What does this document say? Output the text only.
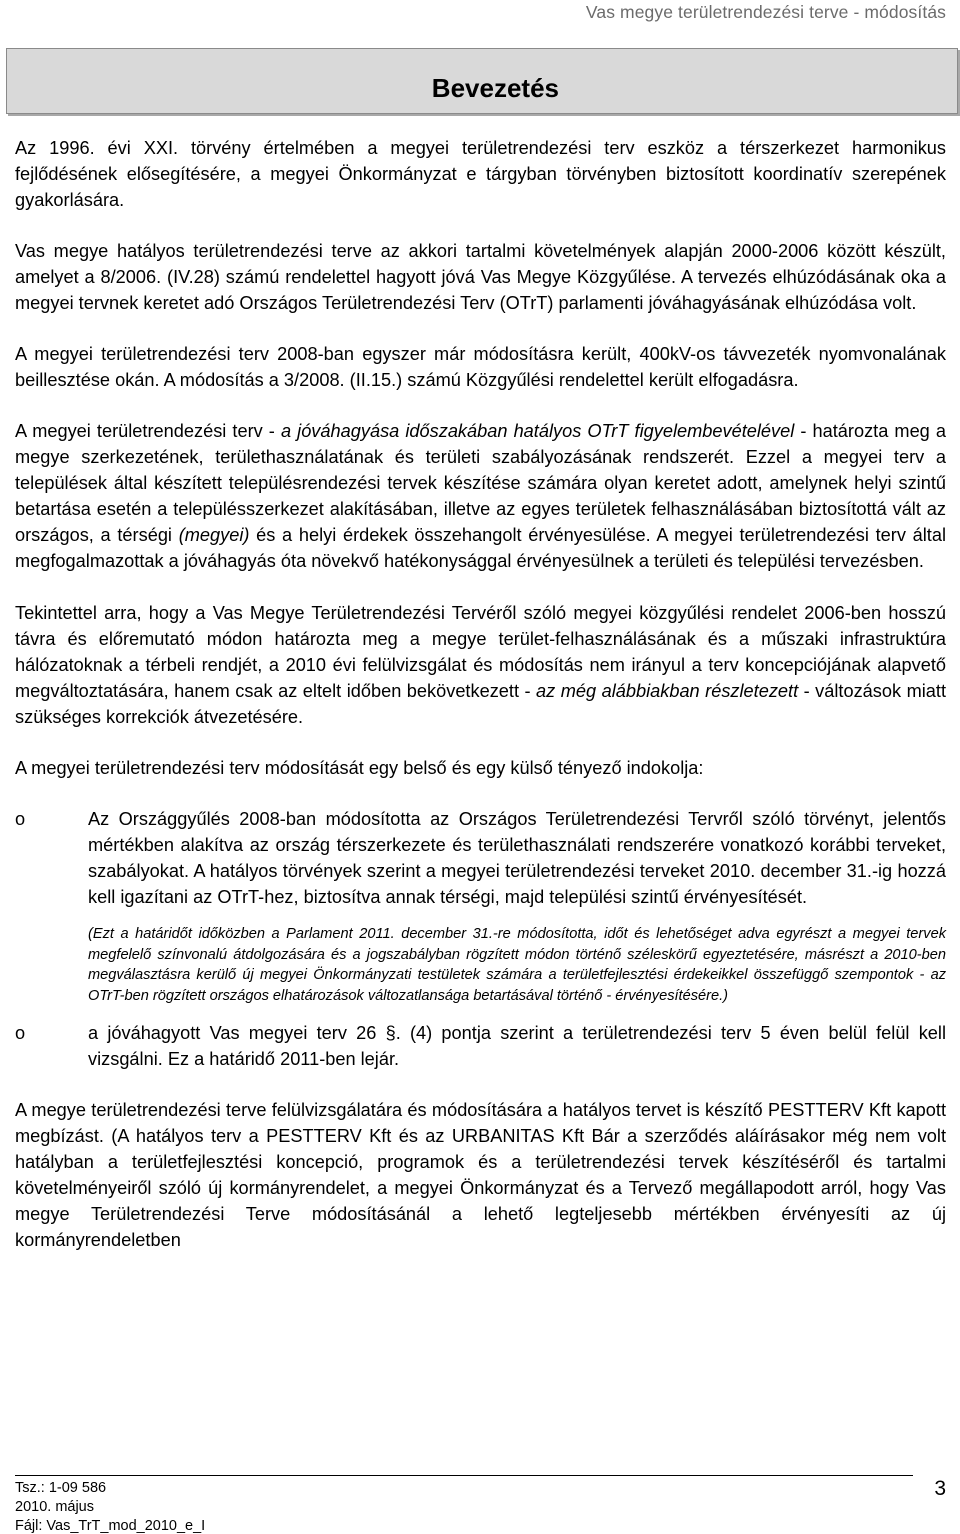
Vas megye területrendezési terve - módosítás
Bevezetés

Az 1996. évi XXI. törvény értelmében a megyei területrendezési terv eszköz a térszerkezet harmonikus fejlődésének elősegítésére, a megyei Önkormányzat e tárgyban törvényben biztosított koordinatív szerepének gyakorlására.

Vas megye hatályos területrendezési terve az akkori tartalmi követelmények alapján 2000-2006 között készült, amelyet a 8/2006. (IV.28) számú rendelettel hagyott jóvá Vas Megye Közgyűlése. A tervezés elhúzódásának oka a megyei tervnek keretet adó Országos Területrendezési Terv (OTrT) parlamenti jóváhagyásának elhúzódása volt.

A megyei területrendezési terv 2008-ban egyszer már módosításra került, 400kV-os távvezeték nyomvonalának beillesztése okán. A módosítás a 3/2008. (II.15.) számú Közgyűlési rendelettel került elfogadásra.

A megyei területrendezési terv - a jóváhagyása időszakában hatályos OTrT figyelembevételével - határozta meg a megye szerkezetének, területhasználatának és területi szabályozásának rendszerét. Ezzel a megyei terv a települések által készített településrendezési tervek készítése számára olyan keretet adott, amelynek helyi szintű betartása esetén a településszerkezet alakításában, illetve az egyes területek felhasználásában biztosítottá vált az országos, a térségi (megyei) és a helyi érdekek összehangolt érvényesülése. A megyei területrendezési terv által megfogalmazottak a jóváhagyás óta növekvő hatékonysággal érvényesülnek a területi és települési tervezésben.

Tekintettel arra, hogy a Vas Megye Területrendezési Tervéről szóló megyei közgyűlési rendelet 2006-ben hosszú távra és előremutató módon határozta meg a megye terület-felhasználásának és a műszaki infrastruktúra hálózatoknak a térbeli rendjét, a 2010 évi felülvizsgálat és módosítás nem irányul a terv koncepciójának alapvető megváltoztatására, hanem csak az eltelt időben bekövetkezett - az még alábbiakban részletezett - változások miatt szükséges korrekciók átvezetésére.

A megyei területrendezési terv módosítását egy belső és egy külső tényező indokolja:

o	Az Országgyűlés 2008-ban módosította az Országos Területrendezési Tervről szóló törvényt, jelentős mértékben alakítva az ország térszerkezete és területhasználati rendszerére vonatkozó korábbi terveket, szabályokat. A hatályos törvények szerint a megyei területrendezési terveket 2010. december 31.-ig hozzá kell igazítani az OTrT-hez, biztosítva annak térségi, majd települési szintű érvényesítését.

(Ezt a határidőt időközben a Parlament 2011. december 31.-re módosította, időt és lehetőséget adva egyrészt a megyei tervek megfelelő színvonalú átdolgozására és a jogszabályban rögzített módon történő széleskörű egyeztetésére, másrészt a 2010-ben megválasztásra kerülő új megyei Önkormányzati testületek számára a területfejlesztési érdekeikkel összefüggő szempontok - az OTrT-ben rögzített országos elhatározások változatlansága betartásával történő - érvényesítésére.)

o	a jóváhagyott Vas megyei terv 26 §. (4) pontja szerint a területrendezési terv 5 éven belül felül kell vizsgálni. Ez a határidő 2011-ben lejár.

A megye területrendezési terve felülvizsgálatára és módosítására a hatályos tervet is készítő PESTTERV Kft kapott megbízást. (A hatályos terv a PESTTERV Kft és az URBANITAS Kft Bár a szerződés aláírásakor még nem volt hatályban a területfejlesztési koncepció, programok és a területrendezési tervek készítéséről és tartalmi követelményeiről szóló új kormányrendelet, a megyei Önkormányzat és a Tervező megállapodott arról, hogy Vas megye Területrendezési Terve módosításánál a lehető legteljesebb mértékben érvényesíti az új kormányrendeletben

Tsz.: 1-09 586
2010. május
Fájl: Vas_TrT_mod_2010_e_I
3
